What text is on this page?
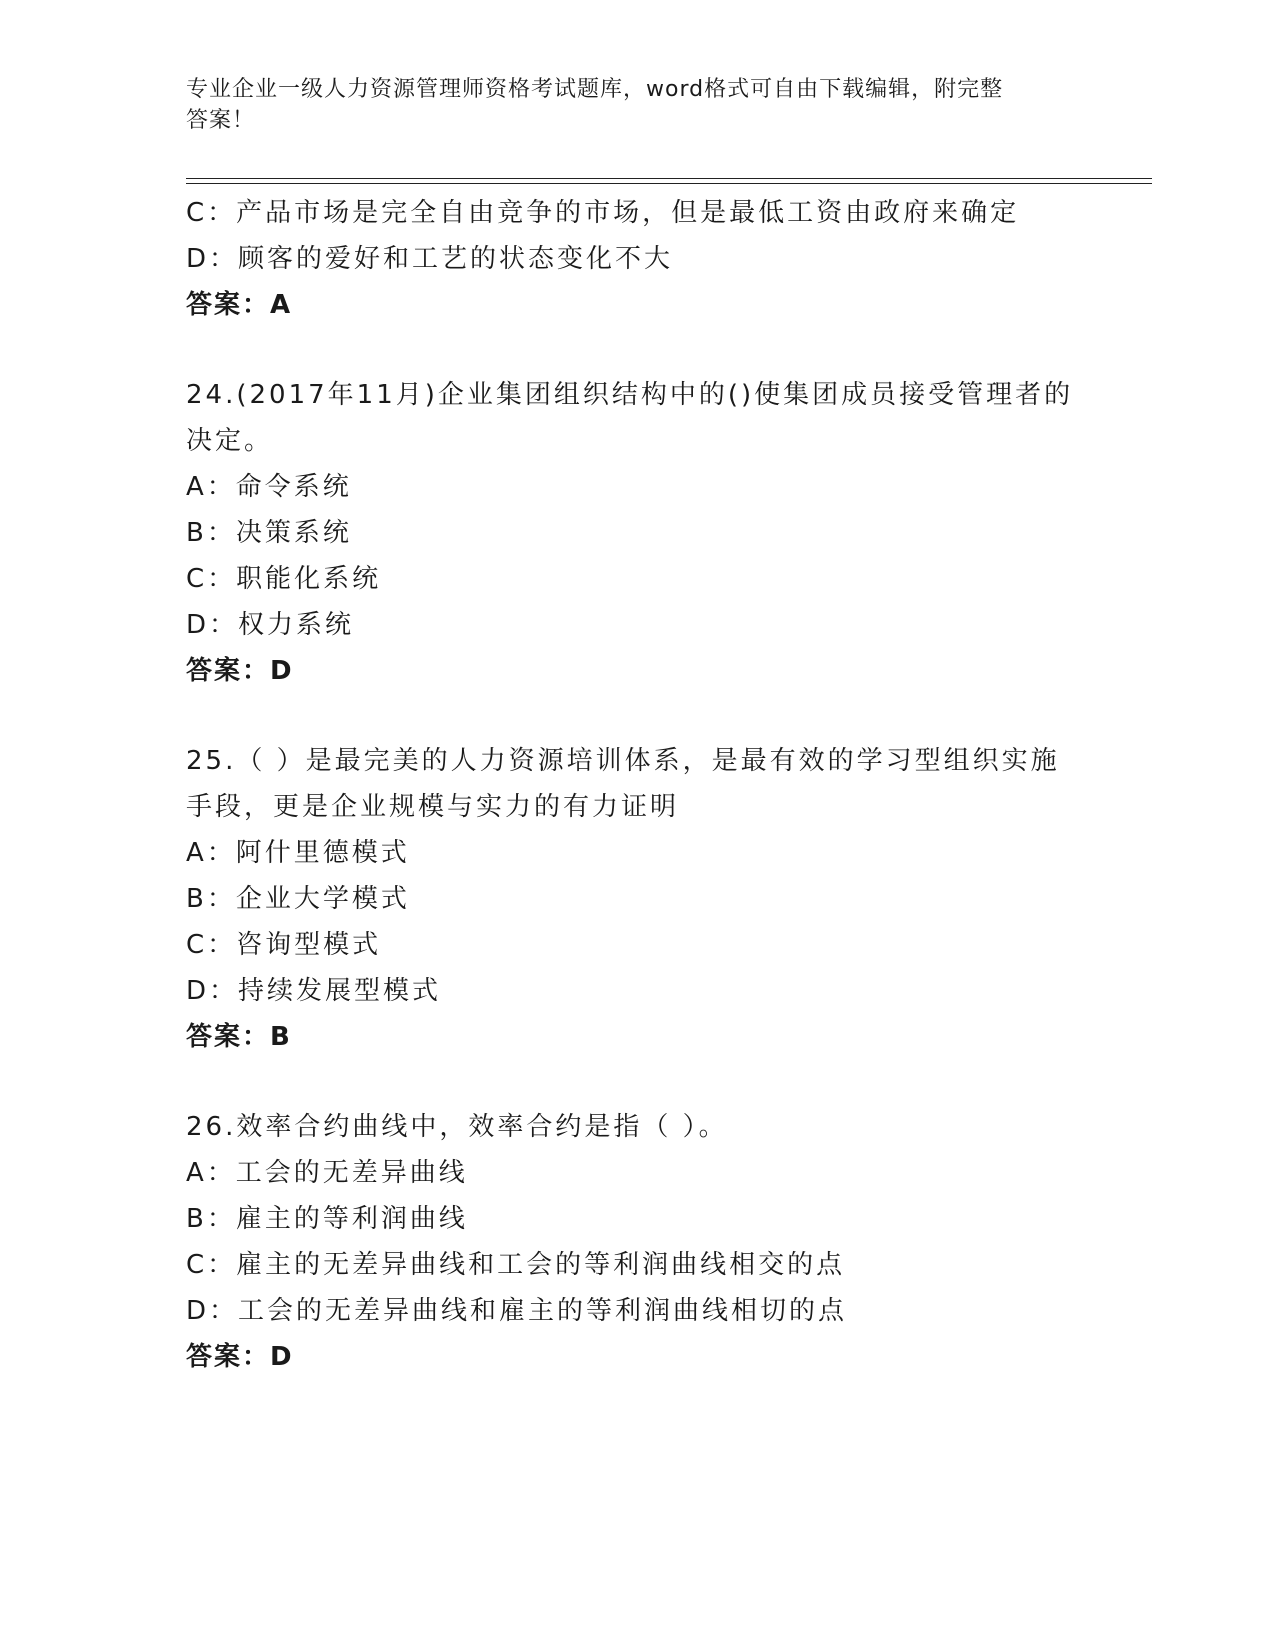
专业企业一级人力资源管理师资格考试题库，word格式可自由下载编辑，附完整
答案！
C：产品市场是完全自由竞争的市场，但是最低工资由政府来确定
D：顾客的爱好和工艺的状态变化不大
答案：A
24.(2017年11月)企业集团组织结构中的()使集团成员接受管理者的
决定。
A：命令系统
B：决策系统
C：职能化系统
D：权力系统
答案：D
25.（ ）是最完美的人力资源培训体系，是最有效的学习型组织实施
手段，更是企业规模与实力的有力证明
A：阿什里德模式
B：企业大学模式
C：咨询型模式
D：持续发展型模式
答案：B
26.效率合约曲线中，效率合约是指（ ）。
A：工会的无差异曲线
B：雇主的等利润曲线
C：雇主的无差异曲线和工会的等利润曲线相交的点
D：工会的无差异曲线和雇主的等利润曲线相切的点
答案：D
